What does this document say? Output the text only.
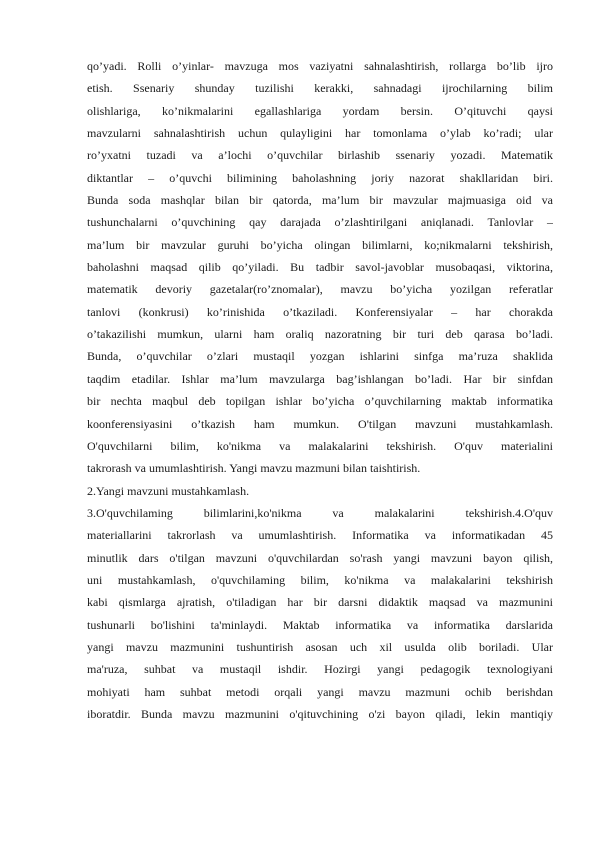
qo’yadi. Rolli o’yinlar- mavzuga mos vaziyatni sahnalashtirish, rollarga bo’lib ijro
etish. Ssenariy shunday tuzilishi kerakki, sahnadagi ijrochilarning bilim
olishlariga, ko’nikmalarini egallashlariga yordam bersin. O’qituvchi qaysi
mavzularni sahnalashtirish uchun qulayligini har tomonlama o’ylab ko’radi; ular
ro’yxatni tuzadi va a’lochi o’quvchilar birlashib ssenariy yozadi. Matematik
diktantlar – o’quvchi bilimining baholashning joriy nazorat shakllaridan biri.
Bunda soda mashqlar bilan bir qatorda, ma’lum bir mavzular majmuasiga oid va
tushunchalarni o’quvchining qay darajada o’zlashtirilgani aniqlanadi. Tanlovlar –
ma’lum bir mavzular guruhi bo’yicha olingan bilimlarni, ko;nikmalarni tekshirish,
baholashni maqsad qilib qo’yiladi. Bu tadbir savol-javoblar musobaqasi, viktorina,
matematik devoriy gazetalar(ro’znomalar), mavzu bo’yicha yozilgan referatlar
tanlovi (konkrusi) ko’rinishida o’tkaziladi. Konferensiyalar – har chorakda
o’takazilishi mumkun, ularni ham oraliq nazoratning bir turi deb qarasa bo’ladi.
Bunda, o’quvchilar o’zlari mustaqil yozgan ishlarini sinfga ma’ruza shaklida
taqdim etadilar. Ishlar ma’lum mavzularga bag’ishlangan bo’ladi. Har bir sinfdan
bir nechta maqbul deb topilgan ishlar bo’yicha o’quvchilarning maktab informatika
koonferensiyasini o’tkazish ham mumkun. O'tilgan mavzuni mustahkamlash.
O'quvchilarni bilim, ko'nikma va malakalarini tekshirish. O'quv materialini
takrorash va umumlashtirish. Yangi mavzu mazmuni bilan taishtirish.
2.Yangi mavzuni mustahkamlash.
3.O'quvchilaming bilimlarini,ko'nikma va malakalarini tekshirish.4.O'quv
materiallarini takrorlash va umumlashtirish. Informatika va informatikadan 45
minutlik dars o'tilgan mavzuni o'quvchilardan so'rash yangi mavzuni bayon qilish,
uni mustahkamlash, o'quvchilaming bilim, ko'nikma va malakalarini tekshirish
kabi qismlarga ajratish, o'tiladigan har bir darsni didaktik maqsad va mazmunini
tushunarli bo'lishini ta'minlaydi. Maktab informatika va informatika darslarida
yangi mavzu mazmunini tushuntirish asosan uch xil usulda olib boriladi. Ular
ma'ruza, suhbat va mustaqil ishdir. Hozirgi yangi pedagogik texnologiyani
mohiyati ham suhbat metodi orqali yangi mavzu mazmuni ochib berishdan
iboratdir. Bunda mavzu mazmunini o'qituvchining o'zi bayon qiladi, lekin mantiqiy
